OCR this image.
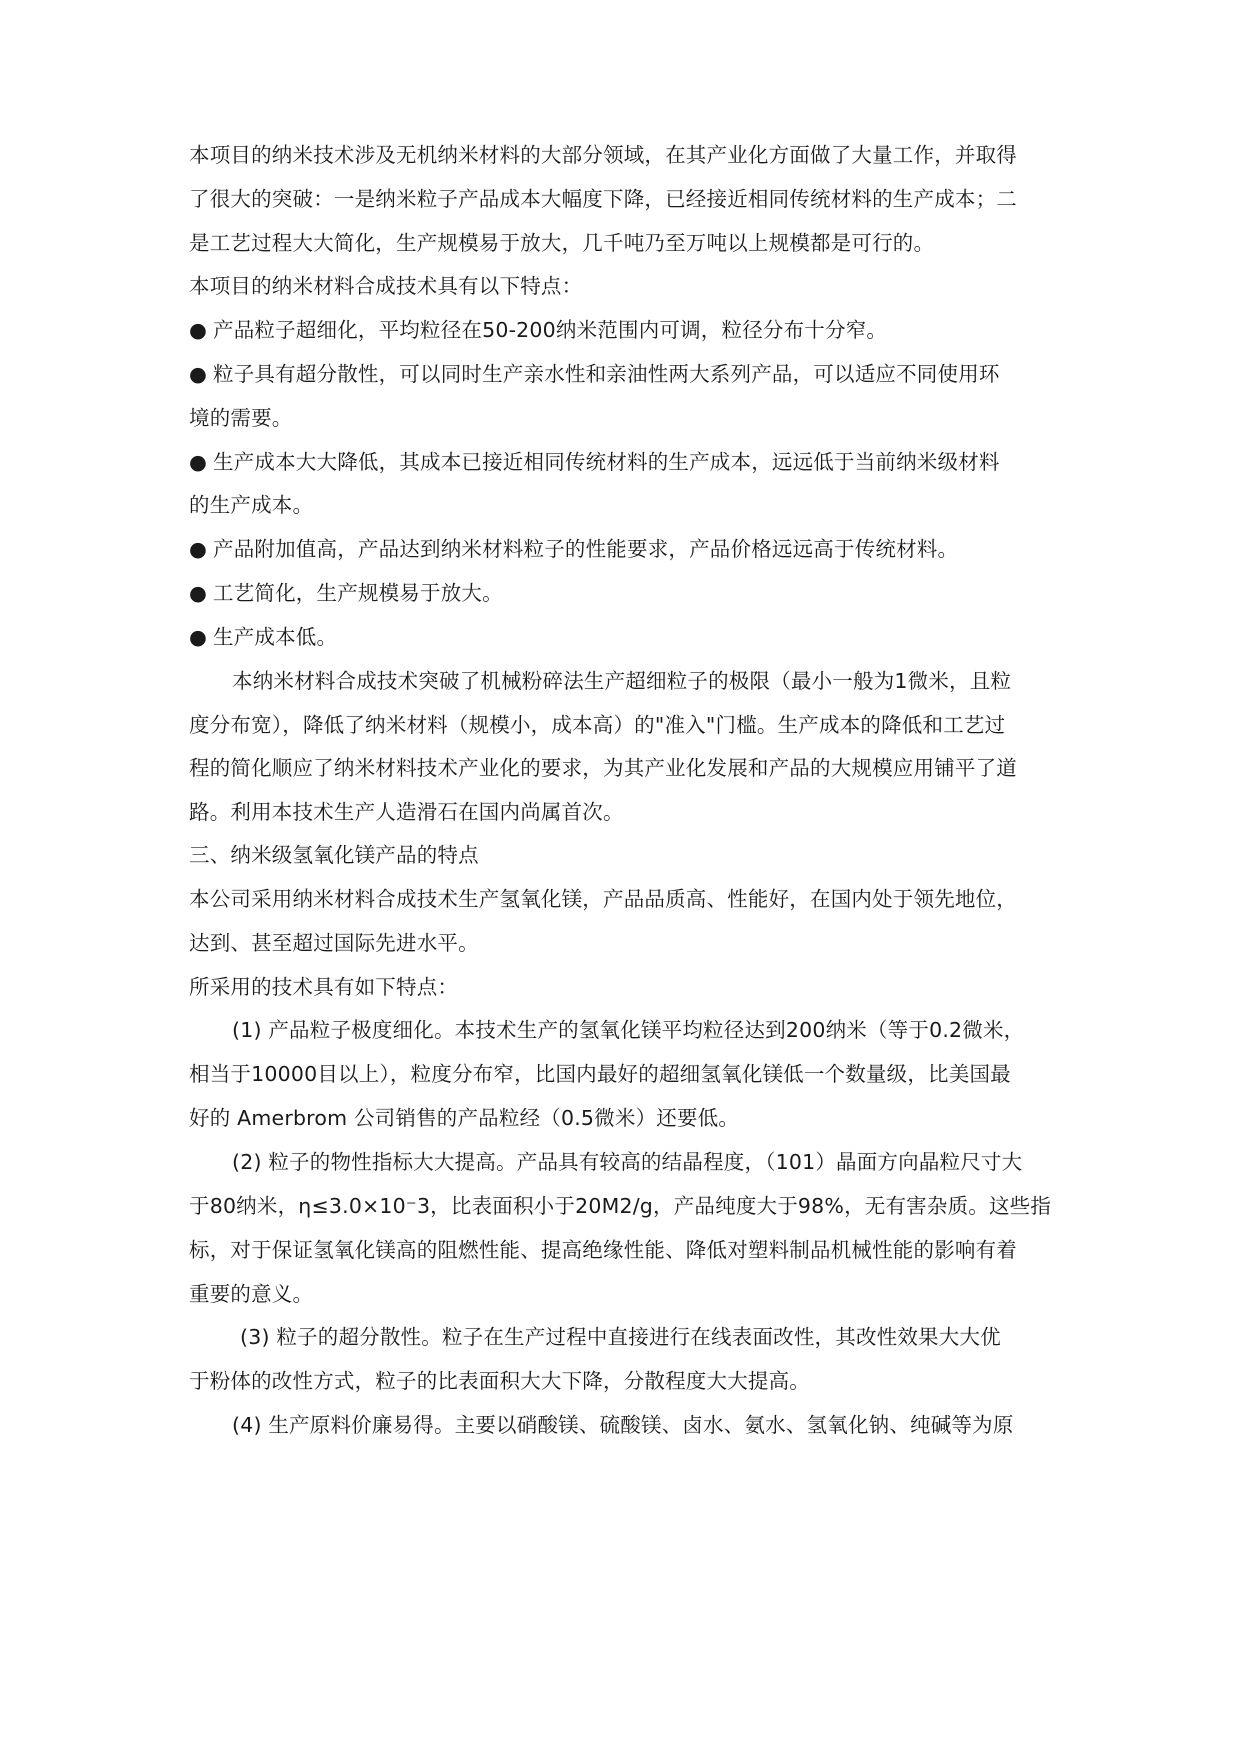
本项目的纳米技术涉及无机纳米材料的大部分领域，在其产业化方面做了大量工作，并取得
了很大的突破：一是纳米粒子产品成本大幅度下降，已经接近相同传统材料的生产成本；二
是工艺过程大大简化，生产规模易于放大，几千吨乃至万吨以上规模都是可行的。
本项目的纳米材料合成技术具有以下特点：
● 产品粒子超细化，平均粒径在50-200纳米范围内可调，粒径分布十分窄。
● 粒子具有超分散性，可以同时生产亲水性和亲油性两大系列产品，可以适应不同使用环
境的需要。
● 生产成本大大降低，其成本已接近相同传统材料的生产成本，远远低于当前纳米级材料
的生产成本。
● 产品附加值高，产品达到纳米材料粒子的性能要求，产品价格远远高于传统材料。
● 工艺简化，生产规模易于放大。
● 生产成本低。
本纳米材料合成技术突破了机械粉碎法生产超细粒子的极限（最小一般为1微米，且粒
度分布宽），降低了纳米材料（规模小，成本高）的"准入"门槛。生产成本的降低和工艺过
程的简化顺应了纳米材料技术产业化的要求，为其产业化发展和产品的大规模应用铺平了道
路。利用本技术生产人造滑石在国内尚属首次。
三、纳米级氢氧化镁产品的特点
本公司采用纳米材料合成技术生产氢氧化镁，产品品质高、性能好，在国内处于领先地位，
达到、甚至超过国际先进水平。
所采用的技术具有如下特点：
(1) 产品粒子极度细化。本技术生产的氢氧化镁平均粒径达到200纳米（等于0.2微米，
相当于10000目以上），粒度分布窄，比国内最好的超细氢氧化镁低一个数量级，比美国最
好的 Amerbrom 公司销售的产品粒经（0.5微米）还要低。
(2) 粒子的物性指标大大提高。产品具有较高的结晶程度，（101）晶面方向晶粒尺寸大
于80纳米，η≤3.0×10⁻3，比表面积小于20M2/g，产品纯度大于98%，无有害杂质。这些指
标，对于保证氢氧化镁高的阻燃性能、提高绝缘性能、降低对塑料制品机械性能的影响有着
重要的意义。
(3) 粒子的超分散性。粒子在生产过程中直接进行在线表面改性，其改性效果大大优
于粉体的改性方式，粒子的比表面积大大下降，分散程度大大提高。
(4) 生产原料价廉易得。主要以硝酸镁、硫酸镁、卤水、氨水、氢氧化钠、纯碱等为原
